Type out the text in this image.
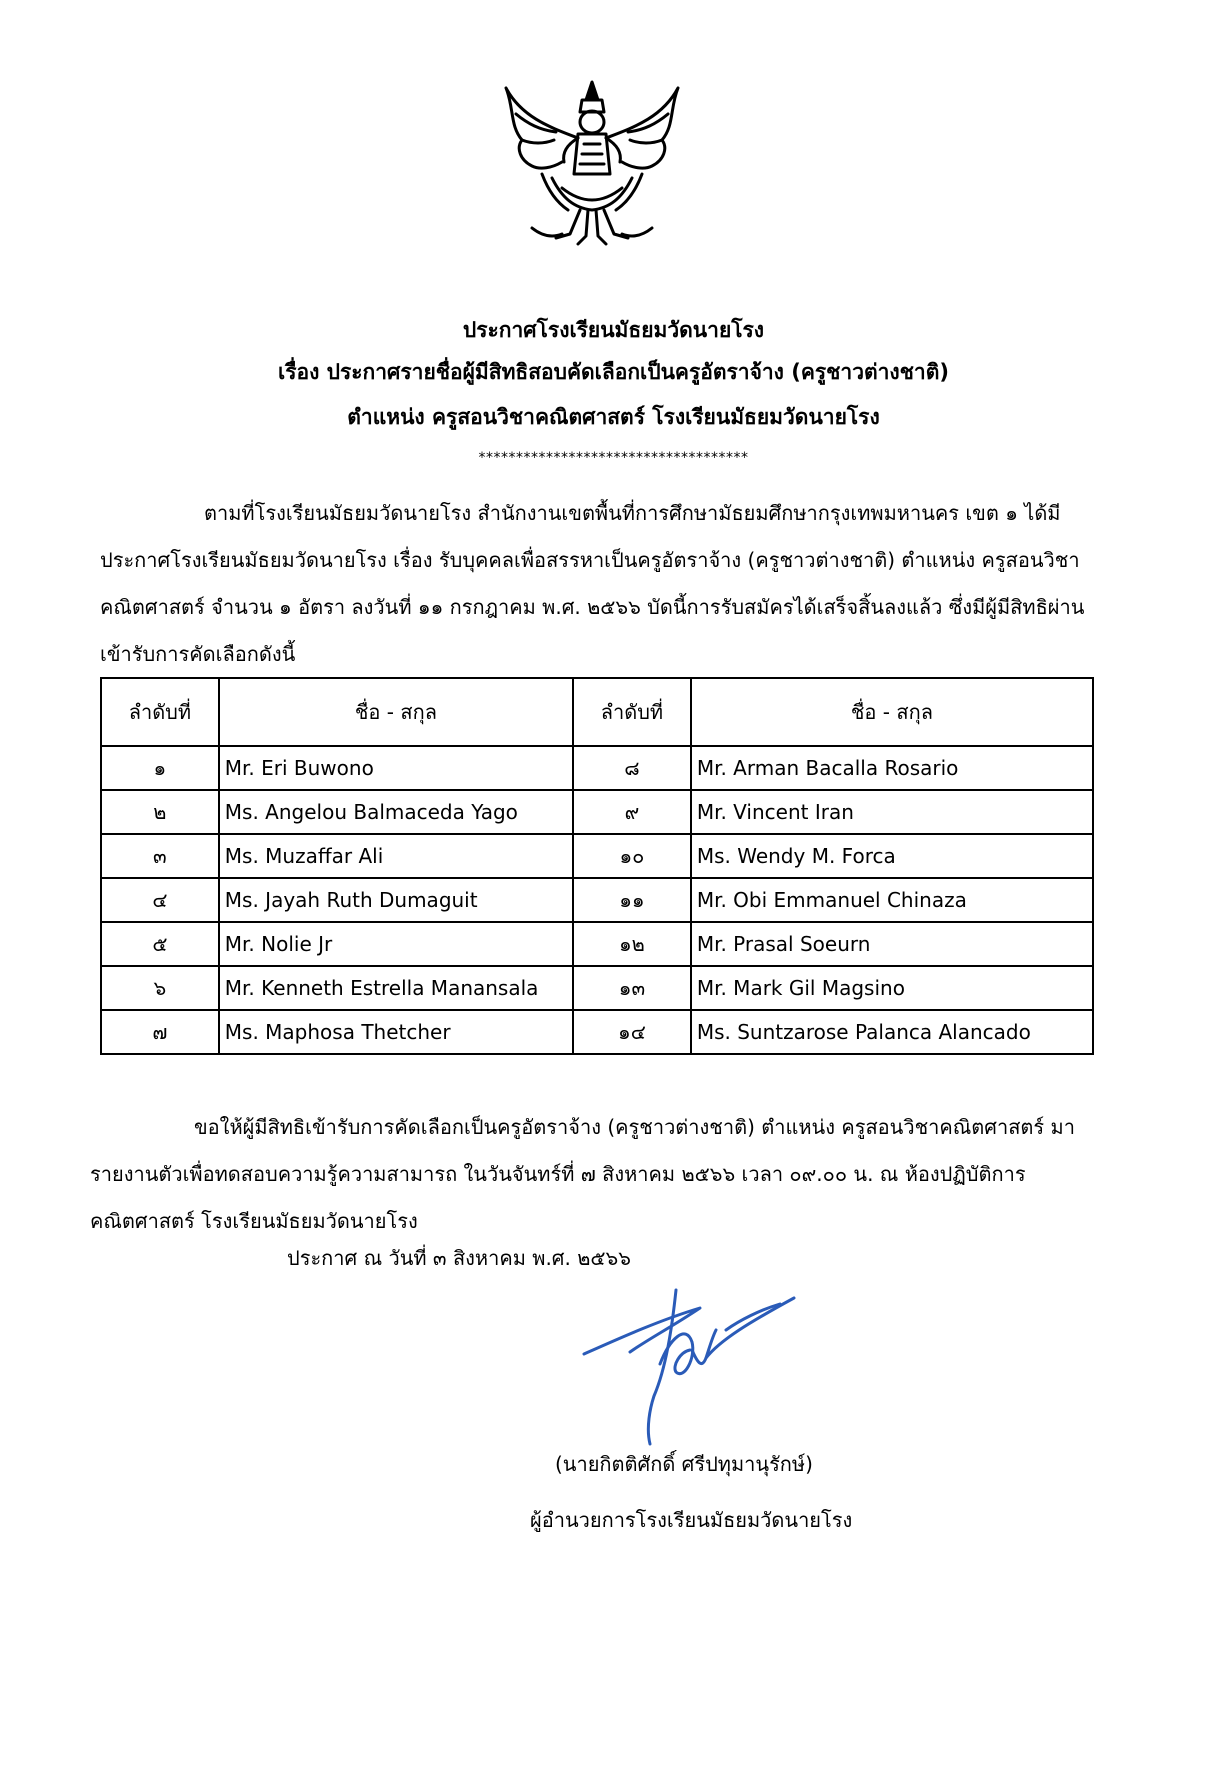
ประกาศโรงเรียนมัธยมวัดนายโรง
เรื่อง ประกาศรายชื่อผู้มีสิทธิสอบคัดเลือกเป็นครูอัตราจ้าง (ครูชาวต่างชาติ)
ตำแหน่ง ครูสอนวิชาคณิตศาสตร์ โรงเรียนมัธยมวัดนายโรง
************************************
ตามที่โรงเรียนมัธยมวัดนายโรง สำนักงานเขตพื้นที่การศึกษามัธยมศึกษากรุงเทพมหานคร เขต ๑ ได้มีประกาศโรงเรียนมัธยมวัดนายโรง เรื่อง รับบุคคลเพื่อสรรหาเป็นครูอัตราจ้าง (ครูชาวต่างชาติ) ตำแหน่ง ครูสอนวิชาคณิตศาสตร์ จำนวน ๑ อัตรา ลงวันที่ ๑๑ กรกฎาคม พ.ศ. ๒๕๖๖ บัดนี้การรับสมัครได้เสร็จสิ้นลงแล้ว ซึ่งมีผู้มีสิทธิผ่านเข้ารับการคัดเลือกดังนี้
ลำดับที่	ชื่อ - สกุล	ลำดับที่	ชื่อ - สกุล
๑	Mr. Eri Buwono	๘	Mr. Arman Bacalla Rosario
๒	Ms. Angelou Balmaceda Yago	๙	Mr. Vincent Iran
๓	Ms. Muzaffar Ali	๑๐	Ms. Wendy M. Forca
๔	Ms. Jayah Ruth Dumaguit	๑๑	Mr. Obi Emmanuel Chinaza
๕	Mr. Nolie Jr	๑๒	Mr. Prasal Soeurn
๖	Mr. Kenneth Estrella Manansala	๑๓	Mr. Mark Gil Magsino
๗	Ms. Maphosa Thetcher	๑๔	Ms. Suntzarose Palanca Alancado
ขอให้ผู้มีสิทธิเข้ารับการคัดเลือกเป็นครูอัตราจ้าง (ครูชาวต่างชาติ) ตำแหน่ง ครูสอนวิชาคณิตศาสตร์ มารายงานตัวเพื่อทดสอบความรู้ความสามารถ ในวันจันทร์ที่ ๗ สิงหาคม ๒๕๖๖ เวลา ๐๙.๐๐ น. ณ ห้องปฏิบัติการคณิตศาสตร์ โรงเรียนมัธยมวัดนายโรง
ประกาศ ณ วันที่ ๓ สิงหาคม พ.ศ. ๒๕๖๖
(นายกิตติศักดิ์ ศรีปทุมานุรักษ์)
ผู้อำนวยการโรงเรียนมัธยมวัดนายโรง
